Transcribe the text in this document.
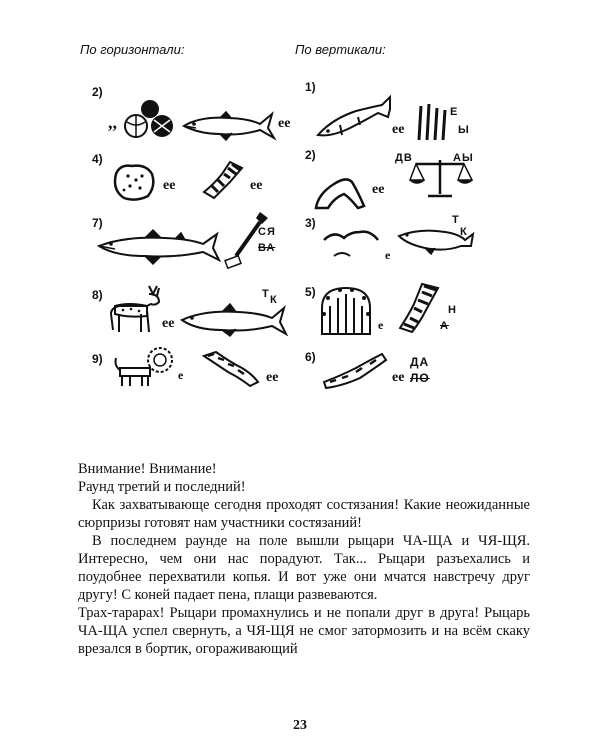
По горизонтали:	По вертикали:
2)
4)
7)
8)
9)
1)
2)
3)
5)
6)
,,	ее
ее	ее
СЯ
ВА
,
ее
Т К
е	ее
ее
Е
Ы
ее
ДВ	АЫ
е
Т
К
е
Н
А
ее
ДА
ЛО

Внимание! Внимание!

Раунд третий и последний!

Как захватывающе сегодня проходят состязания! Какие неожиданные сюрпризы готовят нам участники состязаний!

В последнем раунде на поле вышли рыцари ЧА-ЩА и ЧЯ-ЩЯ. Интересно, чем они нас порадуют. Так... Рыцари разъехались и поудобнее перехватили копья. И вот уже они мчатся навстречу друг другу! С коней падает пена, плащи развеваются.

Трах-тарарах! Рыцари промахнулись и не попали друг в друга! Рыцарь ЧА-ЩА успел свернуть, а ЧЯ-ЩЯ не смог затормозить и на всём скаку врезался в бортик, огораживающий

23
